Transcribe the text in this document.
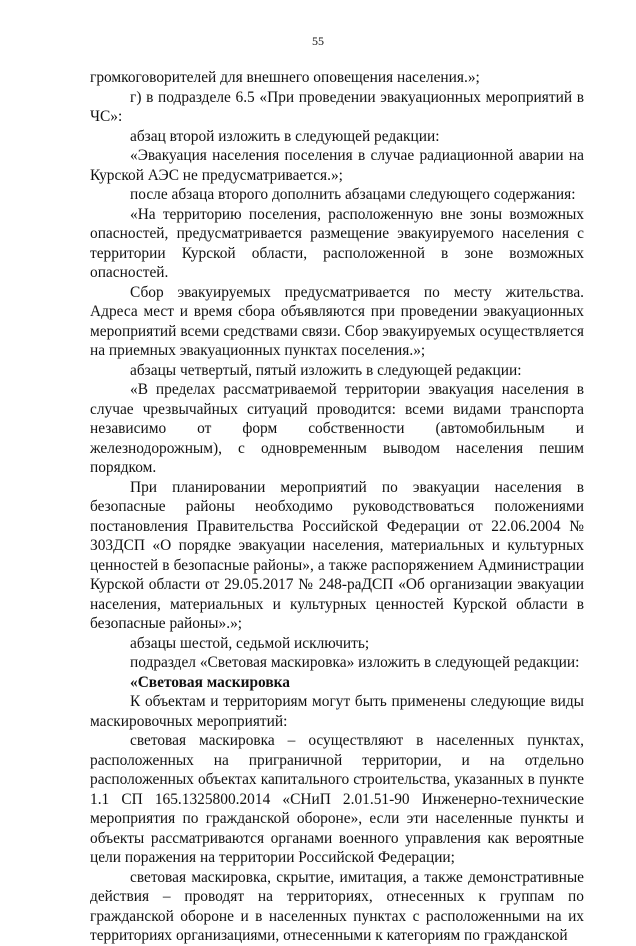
55

громкоговорителей для внешнего оповещения населения.»;

г) в подразделе 6.5 «При проведении эвакуационных мероприятий в ЧС»:

абзац второй изложить в следующей редакции:

«Эвакуация населения поселения в случае радиационной аварии на Курской АЭС не предусматривается.»;

после абзаца второго дополнить абзацами следующего содержания:

«На территорию поселения, расположенную вне зоны возможных опасностей, предусматривается размещение эвакуируемого населения с территории Курской области, расположенной в зоне возможных опасностей.

Сбор эвакуируемых предусматривается по месту жительства. Адреса мест и время сбора объявляются при проведении эвакуационных мероприятий всеми средствами связи. Сбор эвакуируемых осуществляется на приемных эвакуационных пунктах поселения.»;

абзацы четвертый, пятый изложить в следующей редакции:

«В пределах рассматриваемой территории эвакуация населения в случае чрезвычайных ситуаций проводится: всеми видами транспорта независимо от форм собственности (автомобильным и железнодорожным), с одновременным выводом населения пешим порядком.

При планировании мероприятий по эвакуации населения в безопасные районы необходимо руководствоваться положениями постановления Правительства Российской Федерации от 22.06.2004 № 303ДСП «О порядке эвакуации населения, материальных и культурных ценностей в безопасные районы», а также распоряжением Администрации Курской области от 29.05.2017 № 248-раДСП «Об организации эвакуации населения, материальных и культурных ценностей Курской области в безопасные районы».»;

абзацы шестой, седьмой исключить;

подраздел «Световая маскировка» изложить в следующей редакции:

«Световая маскировка

К объектам и территориям могут быть применены следующие виды маскировочных мероприятий:

световая маскировка – осуществляют в населенных пунктах, расположенных на приграничной территории, и на отдельно расположенных объектах капитального строительства, указанных в пункте 1.1 СП 165.1325800.2014 «СНиП 2.01.51-90 Инженерно-технические мероприятия по гражданской обороне», если эти населенные пункты и объекты рассматриваются органами военного управления как вероятные цели поражения на территории Российской Федерации;

световая маскировка, скрытие, имитация, а также демонстративные действия – проводят на территориях, отнесенных к группам по гражданской обороне и в населенных пунктах с расположенными на их территориях организациями, отнесенными к категориям по гражданской
